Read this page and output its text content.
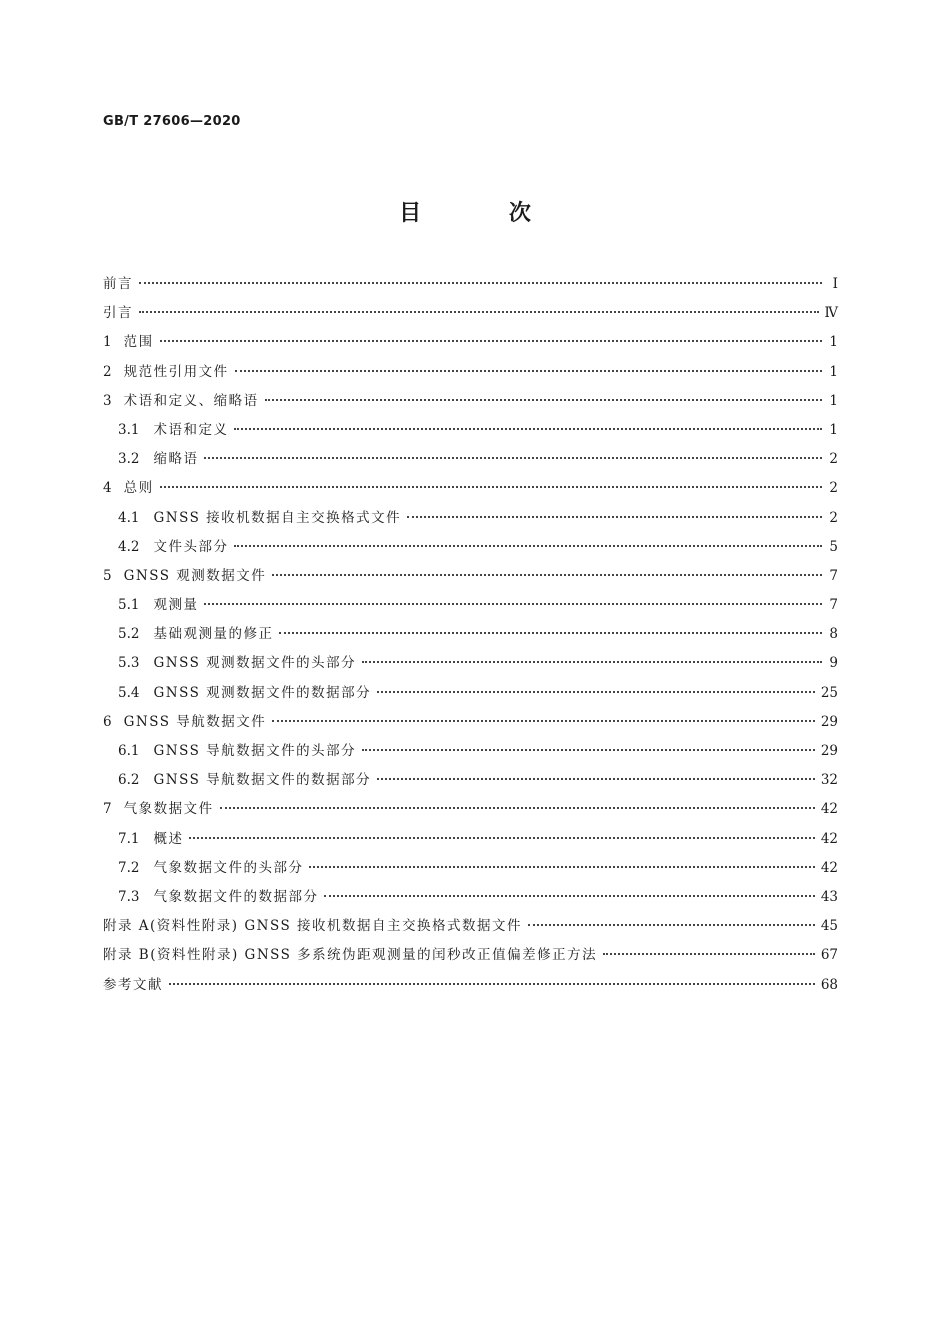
GB/T 27606—2020
目 次
前言	Ⅰ
引言	Ⅳ
1 范围	1
2 规范性引用文件	1
3 术语和定义、缩略语	1
3.1 术语和定义	1
3.2 缩略语	2
4 总则	2
4.1 GNSS 接收机数据自主交换格式文件	2
4.2 文件头部分	5
5 GNSS 观测数据文件	7
5.1 观测量	7
5.2 基础观测量的修正	8
5.3 GNSS 观测数据文件的头部分	9
5.4 GNSS 观测数据文件的数据部分	25
6 GNSS 导航数据文件	29
6.1 GNSS 导航数据文件的头部分	29
6.2 GNSS 导航数据文件的数据部分	32
7 气象数据文件	42
7.1 概述	42
7.2 气象数据文件的头部分	42
7.3 气象数据文件的数据部分	43
附录 A(资料性附录) GNSS 接收机数据自主交换格式数据文件	45
附录 B(资料性附录) GNSS 多系统伪距观测量的闰秒改正值偏差修正方法	67
参考文献	68
